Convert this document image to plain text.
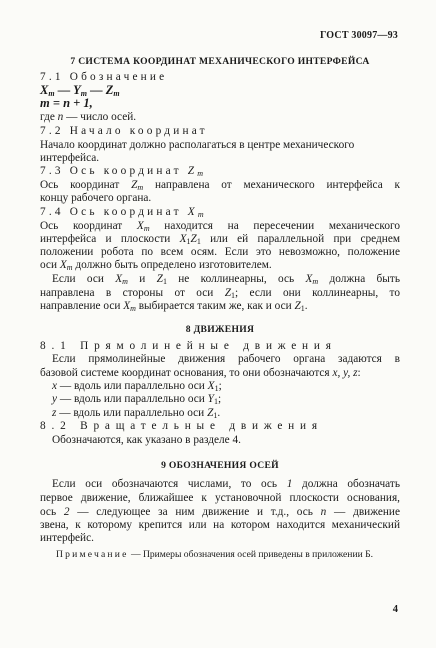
ГОСТ 30097—93
7 СИСТЕМА КООРДИНАТ МЕХАНИЧЕСКОГО ИНТЕРФЕЙСА
7.1 Обозначение
$X_m$ — $Y_m$ — $Z_m$
m = n + 1,
где n — число осей.
7.2 Начало координат
Начало координат должно располагаться в центре механического
интерфейса.
7.3 Ось координат $Z_m$
Ось координат $Z_m$ направлена от механического интерфейса к
концу рабочего органа.
7.4 Ось координат $X_m$
Ось координат $X_m$ находится на пересечении механического
интерфейса и плоскости $X_1Z_1$ или ей параллельной при среднем
положении робота по всем осям. Если это невозможно, положение
оси $X_m$ должно быть определено изготовителем.
Если оси $X_m$ и $Z_1$ не коллинеарны, ось $X_m$ должна быть
направлена в стороны от оси $Z_1$; если они коллинеарны, то
направление оси $X_m$ выбирается таким же, как и оси $Z_1$.
8 ДВИЖЕНИЯ
8.1 Прямолинейные движения
Если прямолинейные движения рабочего органа задаются в
базовой системе координат основания, то они обозначаются x, y, z:
x — вдоль или параллельно оси $X_1$;
y — вдоль или параллельно оси $Y_1$;
z — вдоль или параллельно оси $Z_1$.
8.2 Вращательные движения
Обозначаются, как указано в разделе 4.
9 ОБОЗНАЧЕНИЯ ОСЕЙ
Если оси обозначаются числами, то ось 1 должна обозначать
первое движение, ближайшее к установочной плоскости основания,
ось 2 — следующее за ним движение и т.д., ось n — движение
звена, к которому крепится или на котором находится механический
интерфейс.
Примечание — Примеры обозначения осей приведены в приложении Б.
4
